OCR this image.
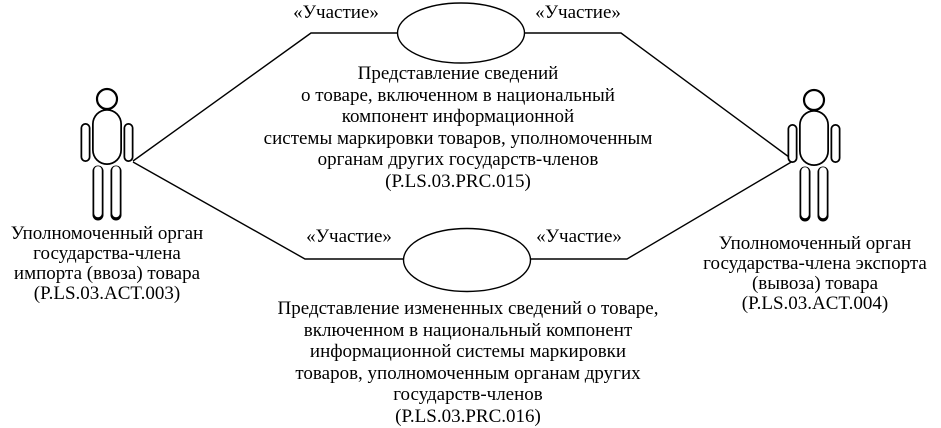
«Участие»	«Участие»
«Участие»	«Участие»
Представление сведений
о товаре, включенном в национальный
компонент информационной
системы маркировки товаров, уполномоченным
органам других государств-членов
(P.LS.03.PRC.015)
Представление измененных сведений о товаре,
включенном в национальный компонент
информационной системы маркировки
товаров, уполномоченным органам других
государств-членов
(P.LS.03.PRC.016)
Уполномоченный орган
государства-члена
импорта (ввоза) товара
(P.LS.03.ACT.003)
Уполномоченный орган
государства-члена экспорта
(вывоза) товара
(P.LS.03.ACT.004)
